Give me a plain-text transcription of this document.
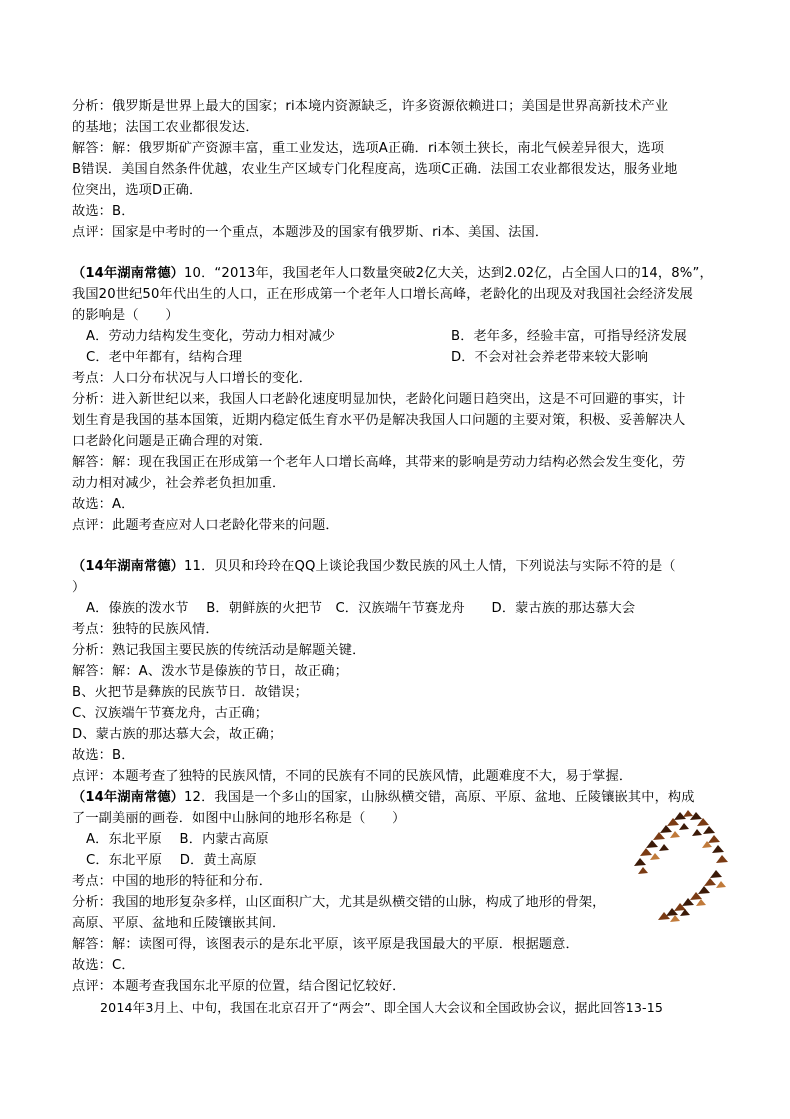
分析：俄罗斯是世界上最大的国家；ri本境内资源缺乏，许多资源依赖进口；美国是世界高新技术产业
的基地；法国工农业都很发达．
解答：解：俄罗斯矿产资源丰富，重工业发达，选项A正确．ri本领土狭长，南北气候差异很大，选项
B错误．美国自然条件优越，农业生产区域专门化程度高，选项C正确．法国工农业都很发达，服务业地
位突出，选项D正确．
故选：B．
点评：国家是中考时的一个重点，本题涉及的国家有俄罗斯、ri本、美国、法国．
（14年湖南常德）10．“2013年，我国老年人口数量突破2亿大关，达到2.02亿，占全国人口的14，8%”，
我国20世纪50年代出生的人口，正在形成第一个老年人口增长高峰，老龄化的出现及对我国社会经济发展
的影响是（　　）
A．劳动力结构发生变化，劳动力相对减少	B．老年多，经验丰富，可指导经济发展
C．老中年都有，结构合理	D．不会对社会养老带来较大影响
考点：人口分布状况与人口增长的变化．
分析：进入新世纪以来，我国人口老龄化速度明显加快，老龄化问题日趋突出，这是不可回避的事实，计
划生育是我国的基本国策，近期内稳定低生育水平仍是解决我国人口问题的主要对策，积极、妥善解决人
口老龄化问题是正确合理的对策．
解答：解：现在我国正在形成第一个老年人口增长高峰，其带来的影响是劳动力结构必然会发生变化，劳
动力相对减少，社会养老负担加重．
故选：A．
点评：此题考查应对人口老龄化带来的问题．
（14年湖南常德）11．贝贝和玲玲在QQ上谈论我国少数民族的风土人情，下列说法与实际不符的是（
）
A．傣族的泼水节　 B．朝鲜族的火把节　C．汉族端午节赛龙舟　　D．蒙古族的那达慕大会
考点：独特的民族风情．
分析：熟记我国主要民族的传统活动是解题关键．
解答：解：A、泼水节是傣族的节日，故正确；
B、火把节是彝族的民族节日．故错误；
C、汉族端午节赛龙舟，古正确；
D、蒙古族的那达慕大会，故正确；
故选：B．
点评：本题考查了独特的民族风情，不同的民族有不同的民族风情，此题难度不大，易于掌握．
（14年湖南常德）12．我国是一个多山的国家，山脉纵横交错，高原、平原、盆地、丘陵镶嵌其中，构成
了一副美丽的画卷．如图中山脉间的地形名称是（　　）
A．东北平原　 B．内蒙古高原
C．东北平原　 D．黄土高原
考点：中国的地形的特征和分布．
分析：我国的地形复杂多样，山区面积广大，尤其是纵横交错的山脉，构成了地形的骨架，
高原、平原、盆地和丘陵镶嵌其间．
解答：解：读图可得，该图表示的是东北平原，该平原是我国最大的平原．根据题意．
故选：C．
点评：本题考查我国东北平原的位置，结合图记忆较好．
2014年3月上、中旬，我国在北京召开了“两会”、即全国人大会议和全国政协会议，据此回答13-15
